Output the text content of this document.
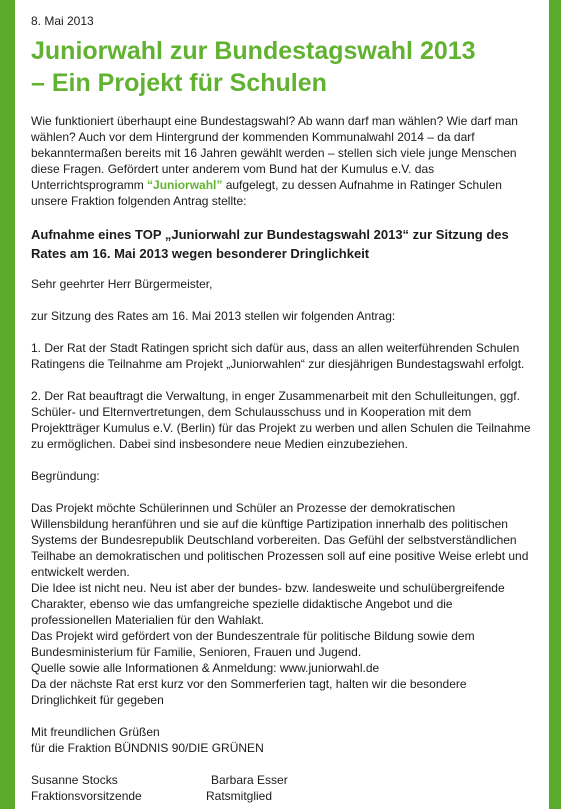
8. Mai 2013
Juniorwahl zur Bundestagswahl 2013
– Ein Projekt für Schulen

Wie funktioniert überhaupt eine Bundestagswahl? Ab wann darf man wählen? Wie darf man wählen? Auch vor dem Hintergrund der kommenden Kommunalwahl 2014 – da darf bekanntermaßen bereits mit 16 Jahren gewählt werden – stellen sich viele junge Menschen diese Fragen. Gefördert unter anderem vom Bund hat der Kumulus e.V. das Unterrichtsprogramm “Juniorwahl” aufgelegt, zu dessen Aufnahme in Ratinger Schulen unsere Fraktion folgenden Antrag stellte:

Aufnahme eines TOP „Juniorwahl zur Bundestagswahl 2013“ zur Sitzung des Rates am 16. Mai 2013 wegen besonderer Dringlichkeit

Sehr geehrter Herr Bürgermeister,

zur Sitzung des Rates am 16. Mai 2013 stellen wir folgenden Antrag:

1. Der Rat der Stadt Ratingen spricht sich dafür aus, dass an allen weiterführenden Schulen Ratingens die Teilnahme am Projekt „Juniorwahlen“ zur diesjährigen Bundestagswahl erfolgt.

2. Der Rat beauftragt die Verwaltung, in enger Zusammenarbeit mit den Schulleitungen, ggf. Schüler- und Elternvertretungen, dem Schulausschuss und in Kooperation mit dem Projektträger Kumulus e.V. (Berlin) für das Projekt zu werben und allen Schulen die Teilnahme zu ermöglichen. Dabei sind insbesondere neue Medien einzubeziehen.

Begründung:

Das Projekt möchte Schülerinnen und Schüler an Prozesse der demokratischen Willensbildung heranführen und sie auf die künftige Partizipation innerhalb des politischen Systems der Bundesrepublik Deutschland vorbereiten. Das Gefühl der selbstverständlichen Teilhabe an demokratischen und politischen Prozessen soll auf eine positive Weise erlebt und entwickelt werden.
Die Idee ist nicht neu. Neu ist aber der bundes- bzw. landesweite und schulübergreifende Charakter, ebenso wie das umfangreiche spezielle didaktische Angebot und die professionellen Materialien für den Wahlakt.
Das Projekt wird gefördert von der Bundeszentrale für politische Bildung sowie dem Bundesministerium für Familie, Senioren, Frauen und Jugend.
Quelle sowie alle Informationen & Anmeldung: www.juniorwahl.de
Da der nächste Rat erst kurz vor den Sommerferien tagt, halten wir die besondere Dringlichkeit für gegeben

Mit freundlichen Grüßen
für die Fraktion BÜNDNIS 90/DIE GRÜNEN

Susanne Stocks
Fraktionsvorsitzende
Barbara Esser
Ratsmitglied
